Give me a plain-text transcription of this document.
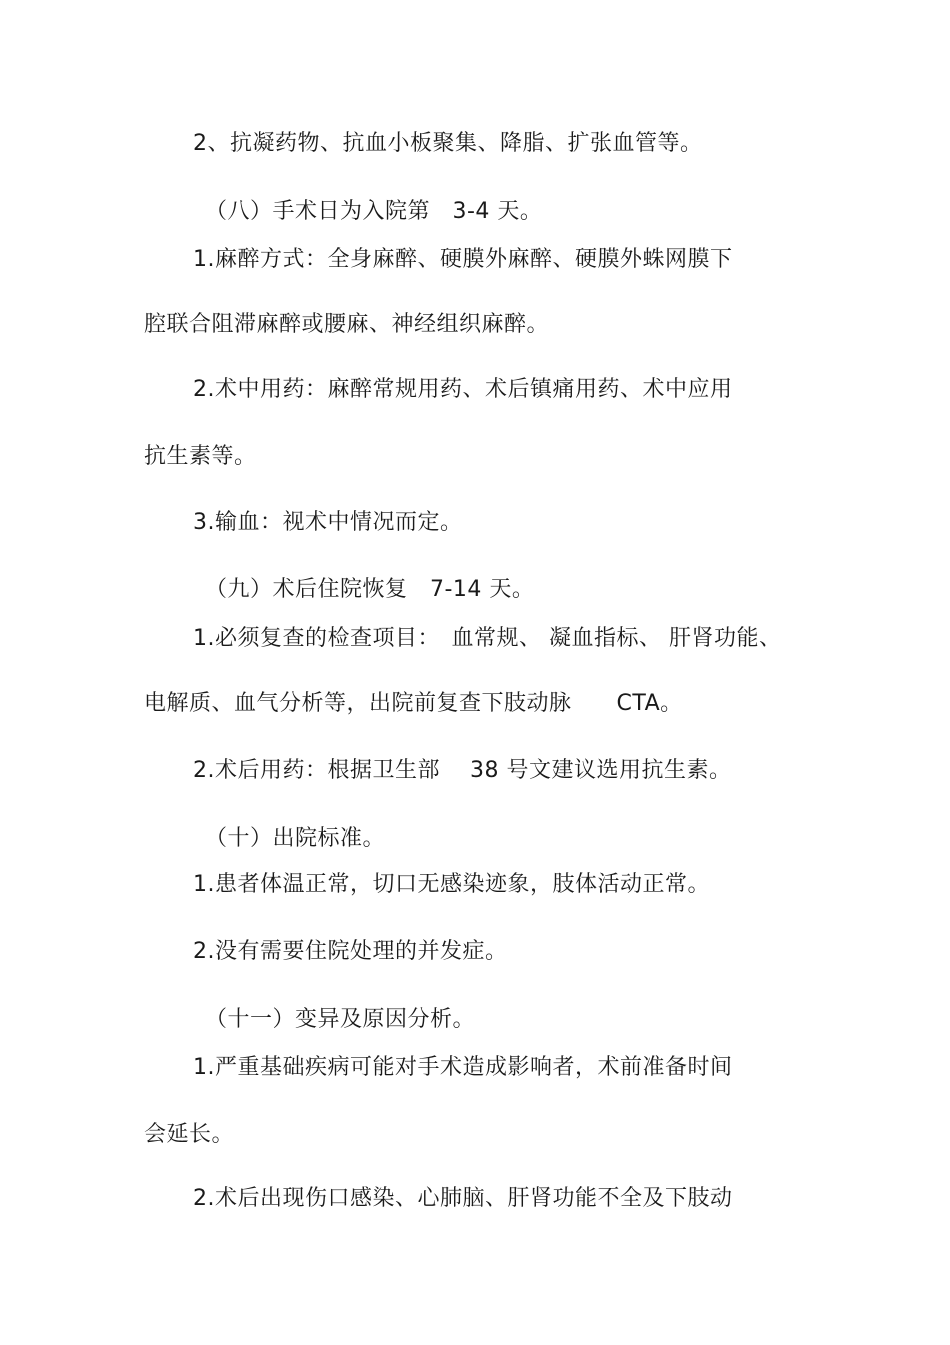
2、抗凝药物、抗血小板聚集、降脂、扩张血管等。
（八）手术日为入院第　3-4 天。
1.麻醉方式：全身麻醉、硬膜外麻醉、硬膜外蛛网膜下
腔联合阻滞麻醉或腰麻、神经组织麻醉。
2.术中用药：麻醉常规用药、术后镇痛用药、术中应用
抗生素等。
3.输血：视术中情况而定。
（九）术后住院恢复　7-14 天。
1.必须复查的检查项目：　血常规、 凝血指标、 肝肾功能、
电解质、血气分析等，出院前复查下肢动脉　　CTA。
2.术后用药：根据卫生部　 38 号文建议选用抗生素。
（十）出院标准。
1.患者体温正常，切口无感染迹象，肢体活动正常。
2.没有需要住院处理的并发症。
（十一）变异及原因分析。
1.严重基础疾病可能对手术造成影响者，术前准备时间
会延长。
2.术后出现伤口感染、心肺脑、肝肾功能不全及下肢动
